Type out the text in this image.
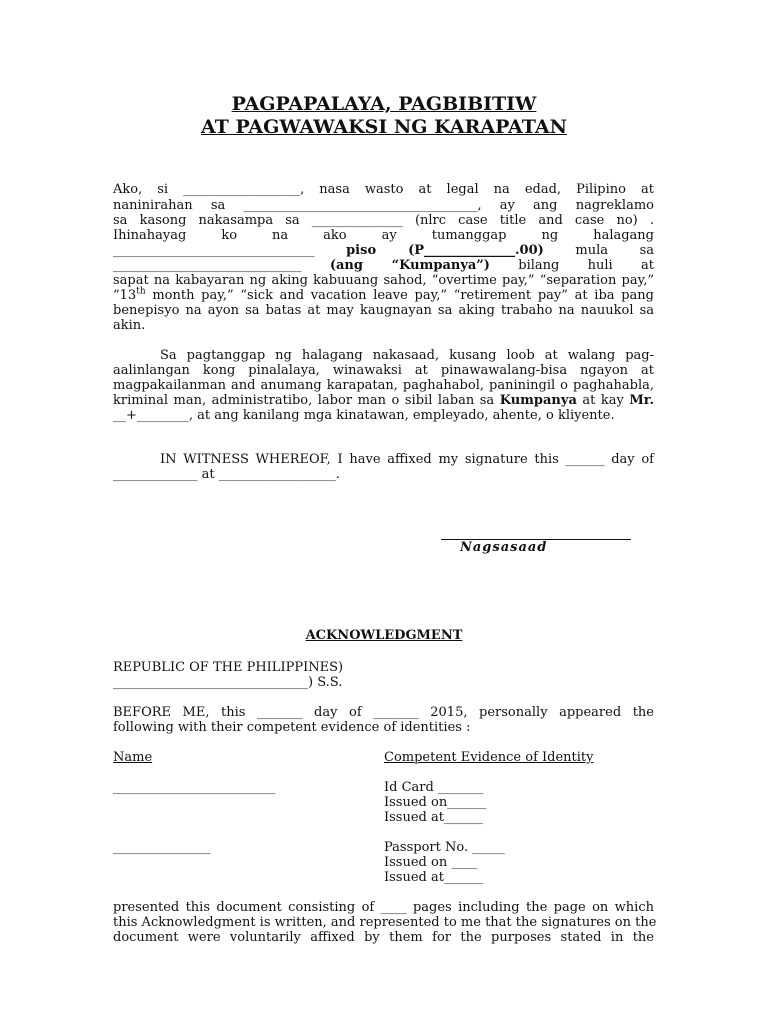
PAGPAPALAYA, PAGBIBITIW
AT PAGWAWAKSI NG KARAPATAN
Ako, si __________________, nasa wasto at legal na edad, Pilipino at
naninirahan sa ____________________________________, ay ang nagreklamo
sa kasong nakasampa sa ______________ (nlrc case title and case no) .
Ihinahayag ko na ako ay tumanggap ng halagang
_______________________________ piso (P______________.00) mula sa
_____________________________ (ang “Kumpanya”) bilang huli at
sapat na kabayaran ng aking kabuuang sahod, “overtime pay,” “separation pay,”
“13th month pay,” “sick and vacation leave pay,” “retirement pay” at iba pang
benepisyo na ayon sa batas at may kaugnayan sa aking trabaho na nauukol sa
akin.
Sa pagtanggap ng halagang nakasaad, kusang loob at walang pag-
aalinlangan kong pinalalaya, winawaksi at pinawawalang-bisa ngayon at
magpakailanman and anumang karapatan, paghahabol, paniningil o paghahabla,
kriminal man, administratibo, labor man o sibil laban sa Kumpanya at kay Mr.
__+________, at ang kanilang mga kinatawan, empleyado, ahente, o kliyente.
IN WITNESS WHEREOF, I have affixed my signature this ______ day of
_____________ at __________________.
Nagsasaad
ACKNOWLEDGMENT
REPUBLIC OF THE PHILIPPINES)
______________________________) S.S.
BEFORE ME, this _______ day of _______ 2015, personally appeared the
following with their competent evidence of identities :
Name	Competent Evidence of Identity
_________________________	Id Card _______
Issued on______
Issued at______
_______________	Passport No. _____
Issued on ____
Issued at______
presented this document consisting of ____ pages including the page on which
this Acknowledgment is written, and represented to me that the signatures on the
document were voluntarily affixed by them for the purposes stated in the
